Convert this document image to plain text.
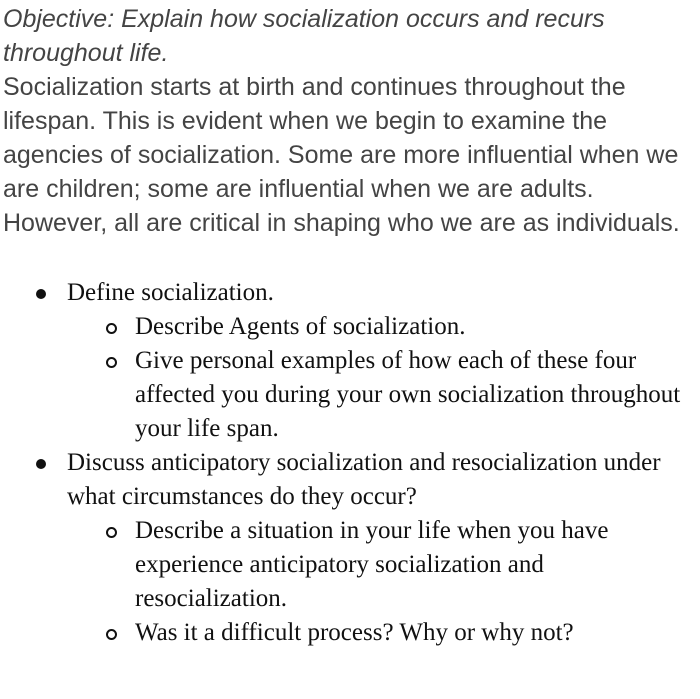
Objective: Explain how socialization occurs and recurs throughout life.

Socialization starts at birth and continues throughout the lifespan. This is evident when we begin to examine the agencies of socialization. Some are more influential when we are children; some are influential when we are adults. However, all are critical in shaping who we are as individuals.

Define socialization.
Describe Agents of socialization.
Give personal examples of how each of these four affected you during your own socialization throughout your life span.
Discuss anticipatory socialization and resocialization under what circumstances do they occur?
Describe a situation in your life when you have experience anticipatory socialization and resocialization.
Was it a difficult process? Why or why not?
